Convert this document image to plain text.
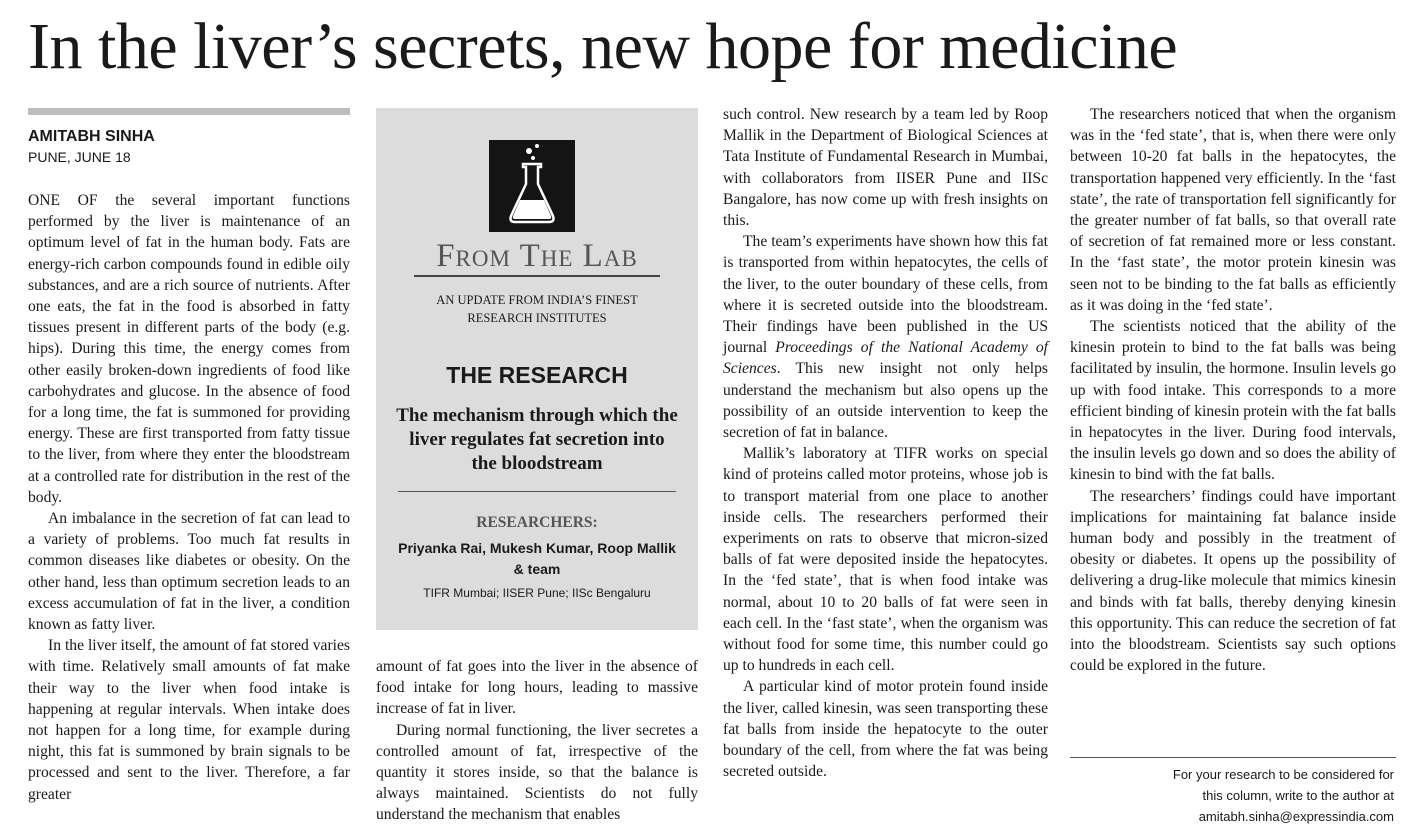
In the liver’s secrets, new hope for medicine
AMITABH SINHA
PUNE, JUNE 18

ONE OF the several important functions performed by the liver is maintenance of an optimum level of fat in the human body. Fats are energy-rich carbon compounds found in edible oily substances, and are a rich source of nutrients. After one eats, the fat in the food is absorbed in fatty tissues present in different parts of the body (e.g. hips). During this time, the energy comes from other easily broken-down ingredients of food like carbohydrates and glucose. In the absence of food for a long time, the fat is summoned for providing energy. These are first transported from fatty tissue to the liver, from where they enter the bloodstream at a controlled rate for distribution in the rest of the body.

An imbalance in the secretion of fat can lead to a variety of problems. Too much fat results in common diseases like diabetes or obesity. On the other hand, less than optimum secretion leads to an excess accumulation of fat in the liver, a condition known as fatty liver.

In the liver itself, the amount of fat stored varies with time. Relatively small amounts of fat make their way to the liver when food intake is happening at regular intervals. When intake does not happen for a long time, for example during night, this fat is summoned by brain signals to be processed and sent to the liver. Therefore, a far greater

From The Lab
AN UPDATE FROM INDIA’S FINEST
RESEARCH INSTITUTES
THE RESEARCH
The mechanism through which the liver regulates fat secretion into the bloodstream
RESEARCHERS:
Priyanka Rai, Mukesh Kumar, Roop Mallik & team
TIFR Mumbai; IISER Pune; IISc Bengaluru

amount of fat goes into the liver in the absence of food intake for long hours, leading to massive increase of fat in liver.

During normal functioning, the liver secretes a controlled amount of fat, irrespective of the quantity it stores inside, so that the balance is always maintained. Scientists do not fully understand the mechanism that enables

such control. New research by a team led by Roop Mallik in the Department of Biological Sciences at Tata Institute of Fundamental Research in Mumbai, with collaborators from IISER Pune and IISc Bangalore, has now come up with fresh insights on this.

The team’s experiments have shown how this fat is transported from within hepatocytes, the cells of the liver, to the outer boundary of these cells, from where it is secreted outside into the bloodstream. Their findings have been published in the US journal Proceedings of the National Academy of Sciences. This new insight not only helps understand the mechanism but also opens up the possibility of an outside intervention to keep the secretion of fat in balance.

Mallik’s laboratory at TIFR works on special kind of proteins called motor proteins, whose job is to transport material from one place to another inside cells. The researchers performed their experiments on rats to observe that micron-sized balls of fat were deposited inside the hepatocytes. In the ‘fed state’, that is when food intake was normal, about 10 to 20 balls of fat were seen in each cell. In the ‘fast state’, when the organism was without food for some time, this number could go up to hundreds in each cell.

A particular kind of motor protein found inside the liver, called kinesin, was seen transporting these fat balls from inside the hepatocyte to the outer boundary of the cell, from where the fat was being secreted outside.

The researchers noticed that when the organism was in the ‘fed state’, that is, when there were only between 10-20 fat balls in the hepatocytes, the transportation happened very efficiently. In the ‘fast state’, the rate of transportation fell significantly for the greater number of fat balls, so that overall rate of secretion of fat remained more or less constant. In the ‘fast state’, the motor protein kinesin was seen not to be binding to the fat balls as efficiently as it was doing in the ‘fed state’.

The scientists noticed that the ability of the kinesin protein to bind to the fat balls was being facilitated by insulin, the hormone. Insulin levels go up with food intake. This corresponds to a more efficient binding of kinesin protein with the fat balls in hepatocytes in the liver. During food intervals, the insulin levels go down and so does the ability of kinesin to bind with the fat balls.

The researchers’ findings could have important implications for maintaining fat balance inside human body and possibly in the treatment of obesity or diabetes. It opens up the possibility of delivering a drug-like molecule that mimics kinesin and binds with fat balls, thereby denying kinesin this opportunity. This can reduce the secretion of fat into the bloodstream. Scientists say such options could be explored in the future.

For your research to be considered for
this column, write to the author at
amitabh.sinha@expressindia.com
